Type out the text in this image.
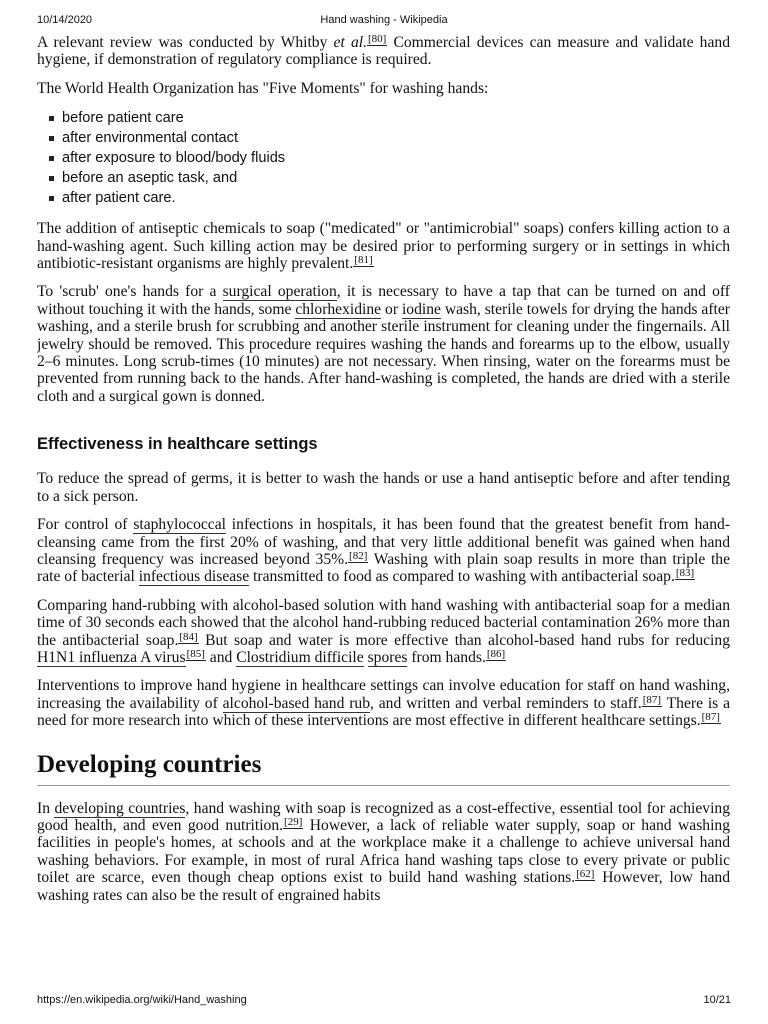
10/14/2020	Hand washing - Wikipedia

A relevant review was conducted by Whitby et al.[80] Commercial devices can measure and validate hand hygiene, if demonstration of regulatory compliance is required.

The World Health Organization has "Five Moments" for washing hands:

before patient care
after environmental contact
after exposure to blood/body fluids
before an aseptic task, and
after patient care.

The addition of antiseptic chemicals to soap ("medicated" or "antimicrobial" soaps) confers killing action to a hand-washing agent. Such killing action may be desired prior to performing surgery or in settings in which antibiotic-resistant organisms are highly prevalent.[81]

To 'scrub' one's hands for a surgical operation, it is necessary to have a tap that can be turned on and off without touching it with the hands, some chlorhexidine or iodine wash, sterile towels for drying the hands after washing, and a sterile brush for scrubbing and another sterile instrument for cleaning under the fingernails. All jewelry should be removed. This procedure requires washing the hands and forearms up to the elbow, usually 2–6 minutes. Long scrub-times (10 minutes) are not necessary. When rinsing, water on the forearms must be prevented from running back to the hands. After hand-washing is completed, the hands are dried with a sterile cloth and a surgical gown is donned.

Effectiveness in healthcare settings

To reduce the spread of germs, it is better to wash the hands or use a hand antiseptic before and after tending to a sick person.

For control of staphylococcal infections in hospitals, it has been found that the greatest benefit from hand-cleansing came from the first 20% of washing, and that very little additional benefit was gained when hand cleansing frequency was increased beyond 35%.[82] Washing with plain soap results in more than triple the rate of bacterial infectious disease transmitted to food as compared to washing with antibacterial soap.[83]

Comparing hand-rubbing with alcohol-based solution with hand washing with antibacterial soap for a median time of 30 seconds each showed that the alcohol hand-rubbing reduced bacterial contamination 26% more than the antibacterial soap.[84] But soap and water is more effective than alcohol-based hand rubs for reducing H1N1 influenza A virus[85] and Clostridium difficile spores from hands.[86]

Interventions to improve hand hygiene in healthcare settings can involve education for staff on hand washing, increasing the availability of alcohol-based hand rub, and written and verbal reminders to staff.[87] There is a need for more research into which of these interventions are most effective in different healthcare settings.[87]

Developing countries

In developing countries, hand washing with soap is recognized as a cost-effective, essential tool for achieving good health, and even good nutrition.[29] However, a lack of reliable water supply, soap or hand washing facilities in people's homes, at schools and at the workplace make it a challenge to achieve universal hand washing behaviors. For example, in most of rural Africa hand washing taps close to every private or public toilet are scarce, even though cheap options exist to build hand washing stations.[62] However, low hand washing rates can also be the result of engrained habits

https://en.wikipedia.org/wiki/Hand_washing	10/21
